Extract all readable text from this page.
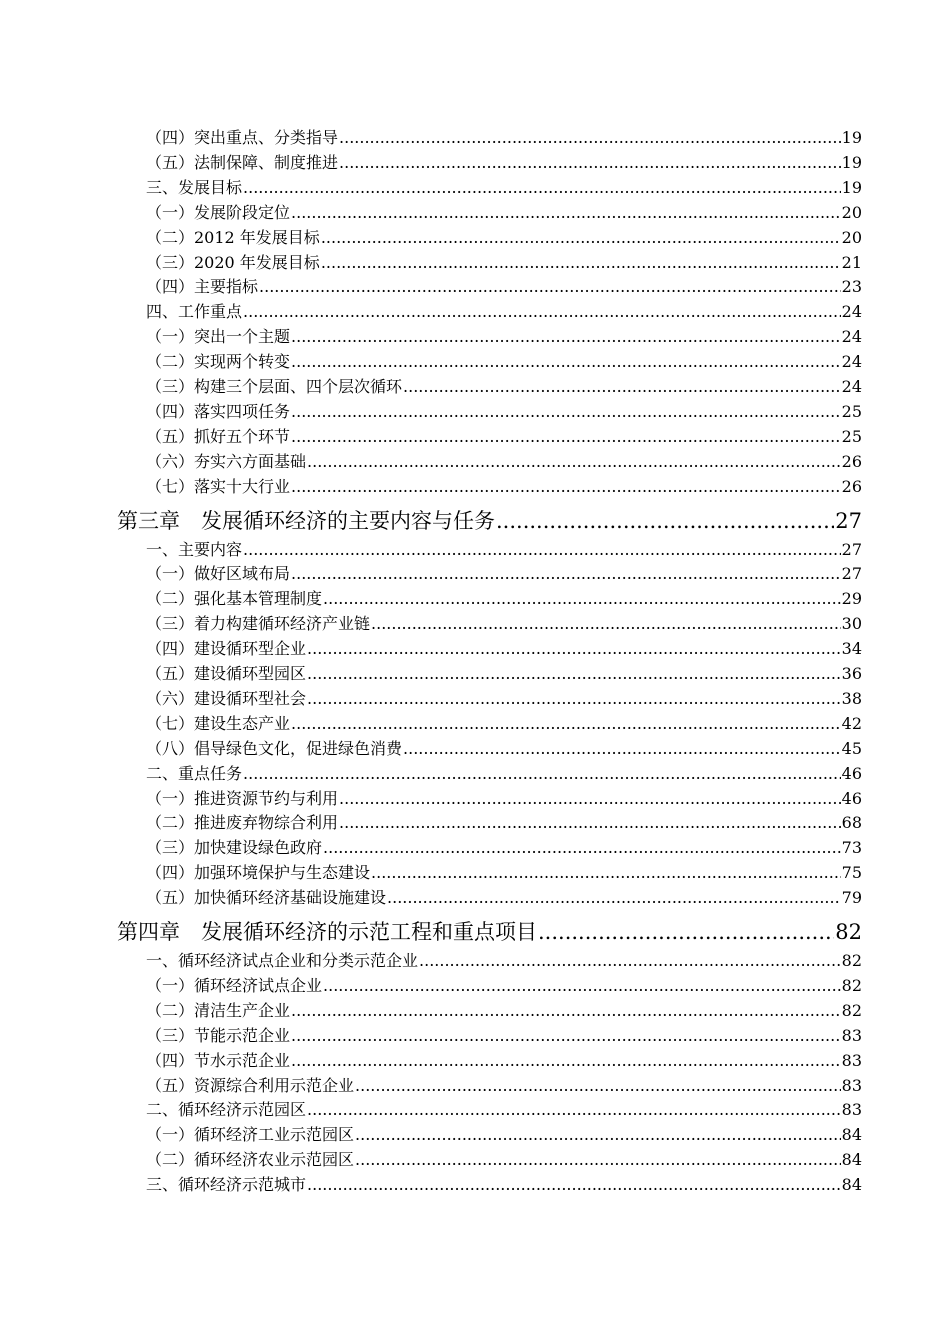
（四）突出重点、分类指导 .....	19
（五）法制保障、制度推进 .....	19
三、发展目标 .....	19
（一）发展阶段定位 .....	20
（二）2012 年发展目标 .....	20
（三）2020 年发展目标 .....	21
（四）主要指标 .....	23
四、工作重点 .....	24
（一）突出一个主题 .....	24
（二）实现两个转变 .....	24
（三）构建三个层面、四个层次循环 .....	24
（四）落实四项任务 .....	25
（五）抓好五个环节 .....	25
（六）夯实六方面基础 .....	26
（七）落实十大行业 .....	26
第三章　发展循环经济的主要内容与任务 .....	27
一、主要内容 .....	27
（一）做好区域布局 .....	27
（二）强化基本管理制度 .....	29
（三）着力构建循环经济产业链 .....	30
（四）建设循环型企业 .....	34
（五）建设循环型园区 .....	36
（六）建设循环型社会 .....	38
（七）建设生态产业 .....	42
（八）倡导绿色文化，促进绿色消费 .....	45
二、重点任务 .....	46
（一）推进资源节约与利用 .....	46
（二）推进废弃物综合利用 .....	68
（三）加快建设绿色政府 .....	73
（四）加强环境保护与生态建设 .....	75
（五）加快循环经济基础设施建设 .....	79
第四章　发展循环经济的示范工程和重点项目 .....	82
一、循环经济试点企业和分类示范企业 .....	82
（一）循环经济试点企业 .....	82
（二）清洁生产企业 .....	82
（三）节能示范企业 .....	83
（四）节水示范企业 .....	83
（五）资源综合利用示范企业 .....	83
二、循环经济示范园区 .....	83
（一）循环经济工业示范园区 .....	84
（二）循环经济农业示范园区 .....	84
三、循环经济示范城市 .....	84
